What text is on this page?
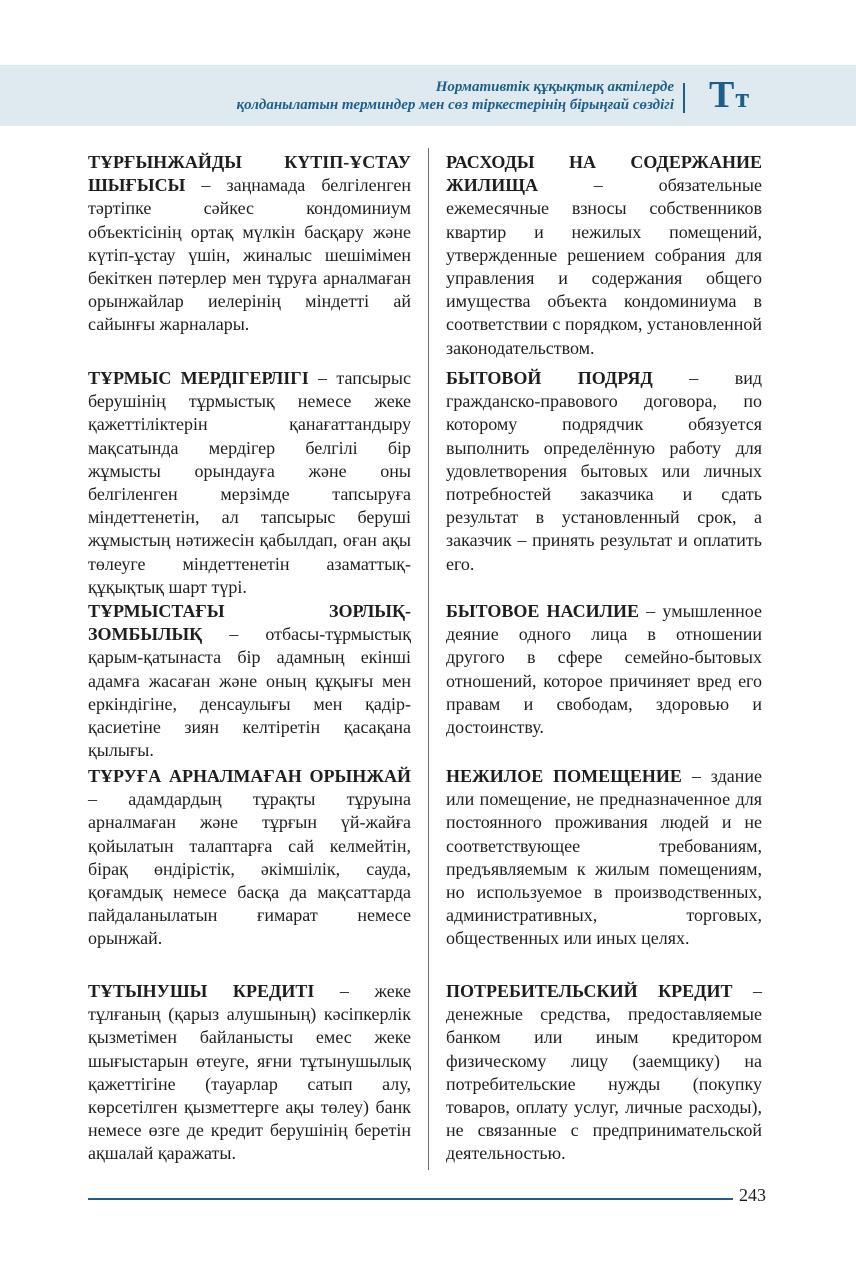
Нормативтік құқықтық актілерде
қолданылатын терминдер мен сөз тіркестерінің бірыңғай сөздігі Тт
ТҰРҒЫНЖАЙДЫ КҮТІП-ҰСТАУ ШЫҒЫСЫ – заңнамада белгіленген тәртіпке сәйкес кондоминиум объектісінің ортақ мүлкін басқару және күтіп-ұстау үшін, жиналыс шешімімен бекіткен пәтерлер мен тұруға арналмаған орынжайлар иелерінің міндетті ай сайынғы жарналары.
ТҰРМЫС МЕРДІГЕРЛІГІ – тапсырыс берушінің тұрмыстық немесе жеке қажеттіліктерін қанағаттандыру мақсатында мердігер белгілі бір жұмысты орындауға және оны белгіленген мерзімде тапсыруға міндеттенетін, ал тапсырыс беруші жұмыстың нәтижесін қабылдап, оған ақы төлеуге міндеттенетін азаматтық-құқықтық шарт түрі.
ТҰРМЫСТАҒЫ ЗОРЛЫҚ-ЗОМБЫЛЫҚ – отбасы-тұрмыстық қарым-қатынаста бір адамның екінші адамға жасаған және оның құқығы мен еркіндігіне, денсаулығы мен қадір-қасиетіне зиян келтіретін қасақана қылығы.
ТҰРУҒА АРНАЛМАҒАН ОРЫНЖАЙ – адамдардың тұрақты тұруына арналмаған және тұрғын үй-жайға қойылатын талаптарға сай келмейтін, бірақ өндірістік, әкімшілік, сауда, қоғамдық немесе басқа да мақсаттарда пайдаланылатын ғимарат немесе орынжай.
ТҰТЫНУШЫ КРЕДИТІ – жеке тұлғаның (қарыз алушының) кәсіпкерлік қызметімен байланысты емес жеке шығыстарын өтеуге, яғни тұтынушылық қажеттігіне (тауарлар сатып алу, көрсетілген қызметтерге ақы төлеу) банк немесе өзге де кредит берушінің беретін ақшалай қаражаты.
РАСХОДЫ НА СОДЕРЖАНИЕ ЖИЛИЩА – обязательные ежемесячные взносы собственников квартир и нежилых помещений, утвержденные решением собрания для управления и содержания общего имущества объекта кондоминиума в соответствии с порядком, установленной законодательством.
БЫТОВОЙ ПОДРЯД – вид гражданско-правового договора, по которому подрядчик обязуется выполнить определённую работу для удовлетворения бытовых или личных потребностей заказчика и сдать результат в установленный срок, а заказчик – принять результат и оплатить его.
БЫТОВОЕ НАСИЛИЕ – умышленное деяние одного лица в отношении другого в сфере семейно-бытовых отношений, которое причиняет вред его правам и свободам, здоровью и достоинству.
НЕЖИЛОЕ ПОМЕЩЕНИЕ – здание или помещение, не предназначенное для постоянного проживания людей и не соответствующее требованиям, предъявляемым к жилым помещениям, но используемое в производственных, административных, торговых, общественных или иных целях.
ПОТРЕБИТЕЛЬСКИЙ КРЕДИТ – денежные средства, предоставляемые банком или иным кредитором физическому лицу (заемщику) на потребительские нужды (покупку товаров, оплату услуг, личные расходы), не связанные с предпринимательской деятельностью.
243
